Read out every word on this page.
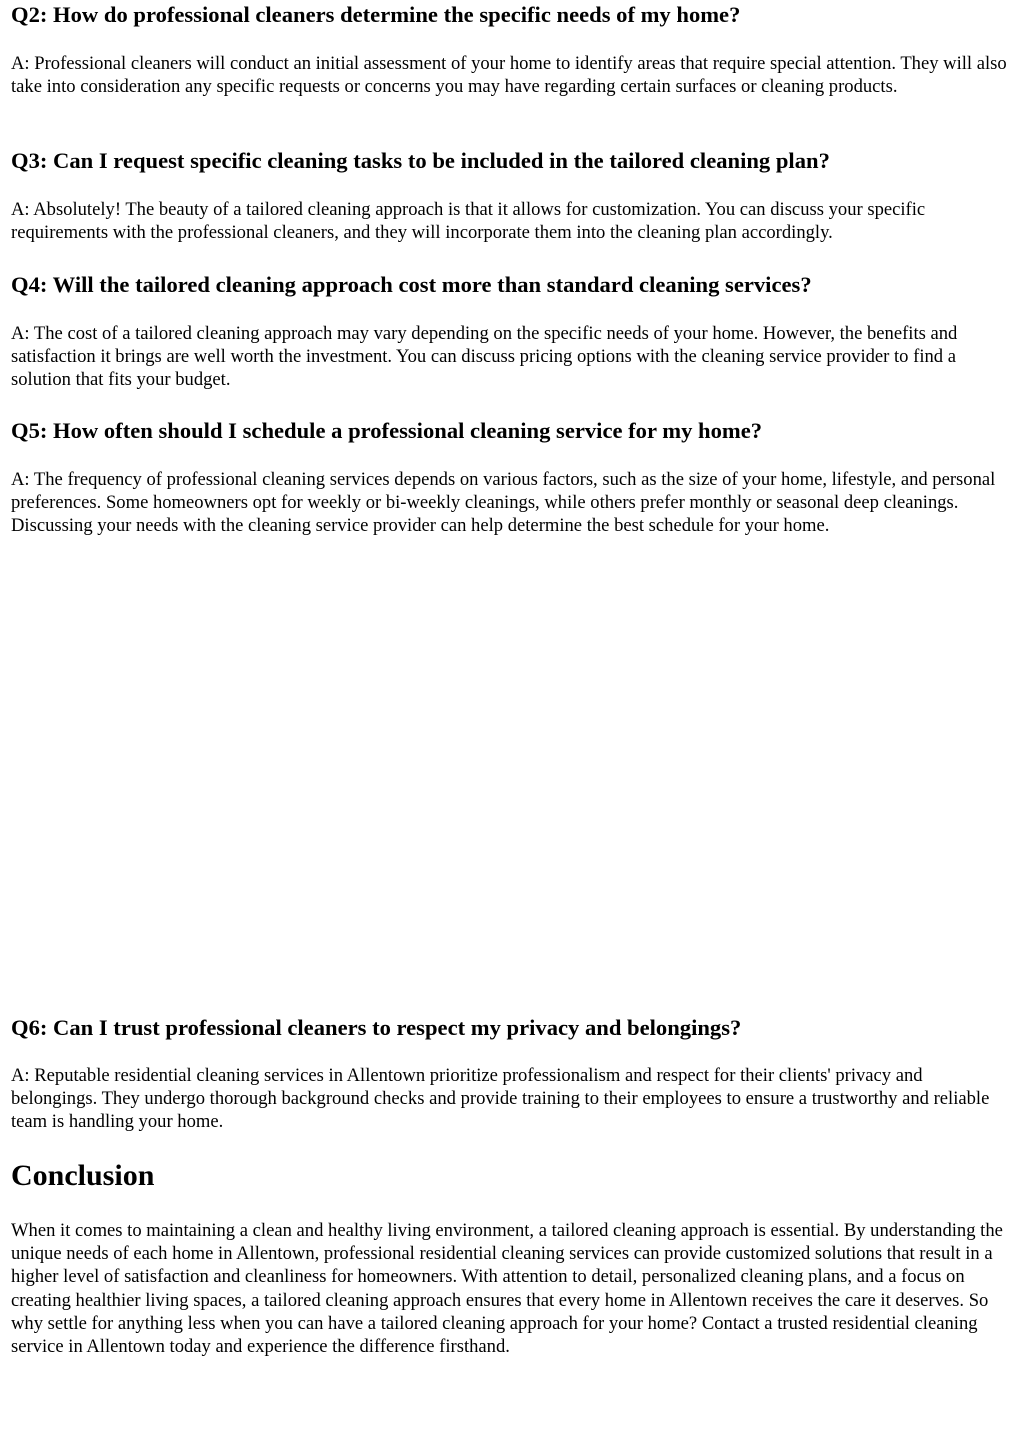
Q2: How do professional cleaners determine the specific needs of my home?

A: Professional cleaners will conduct an initial assessment of your home to identify areas that require special attention. They will also take into consideration any specific requests or concerns you may have regarding certain surfaces or cleaning products.

Q3: Can I request specific cleaning tasks to be included in the tailored cleaning plan?

A: Absolutely! The beauty of a tailored cleaning approach is that it allows for customization. You can discuss your specific requirements with the professional cleaners, and they will incorporate them into the cleaning plan accordingly.

Q4: Will the tailored cleaning approach cost more than standard cleaning services?

A: The cost of a tailored cleaning approach may vary depending on the specific needs of your home. However, the benefits and satisfaction it brings are well worth the investment. You can discuss pricing options with the cleaning service provider to find a solution that fits your budget.

Q5: How often should I schedule a professional cleaning service for my home?

A: The frequency of professional cleaning services depends on various factors, such as the size of your home, lifestyle, and personal preferences. Some homeowners opt for weekly or bi-weekly cleanings, while others prefer monthly or seasonal deep cleanings. Discussing your needs with the cleaning service provider can help determine the best schedule for your home.

Q6: Can I trust professional cleaners to respect my privacy and belongings?

A: Reputable residential cleaning services in Allentown prioritize professionalism and respect for their clients' privacy and belongings. They undergo thorough background checks and provide training to their employees to ensure a trustworthy and reliable team is handling your home.

Conclusion

When it comes to maintaining a clean and healthy living environment, a tailored cleaning approach is essential. By understanding the unique needs of each home in Allentown, professional residential cleaning services can provide customized solutions that result in a higher level of satisfaction and cleanliness for homeowners. With attention to detail, personalized cleaning plans, and a focus on creating healthier living spaces, a tailored cleaning approach ensures that every home in Allentown receives the care it deserves. So why settle for anything less when you can have a tailored cleaning approach for your home? Contact a trusted residential cleaning service in Allentown today and experience the difference firsthand.
